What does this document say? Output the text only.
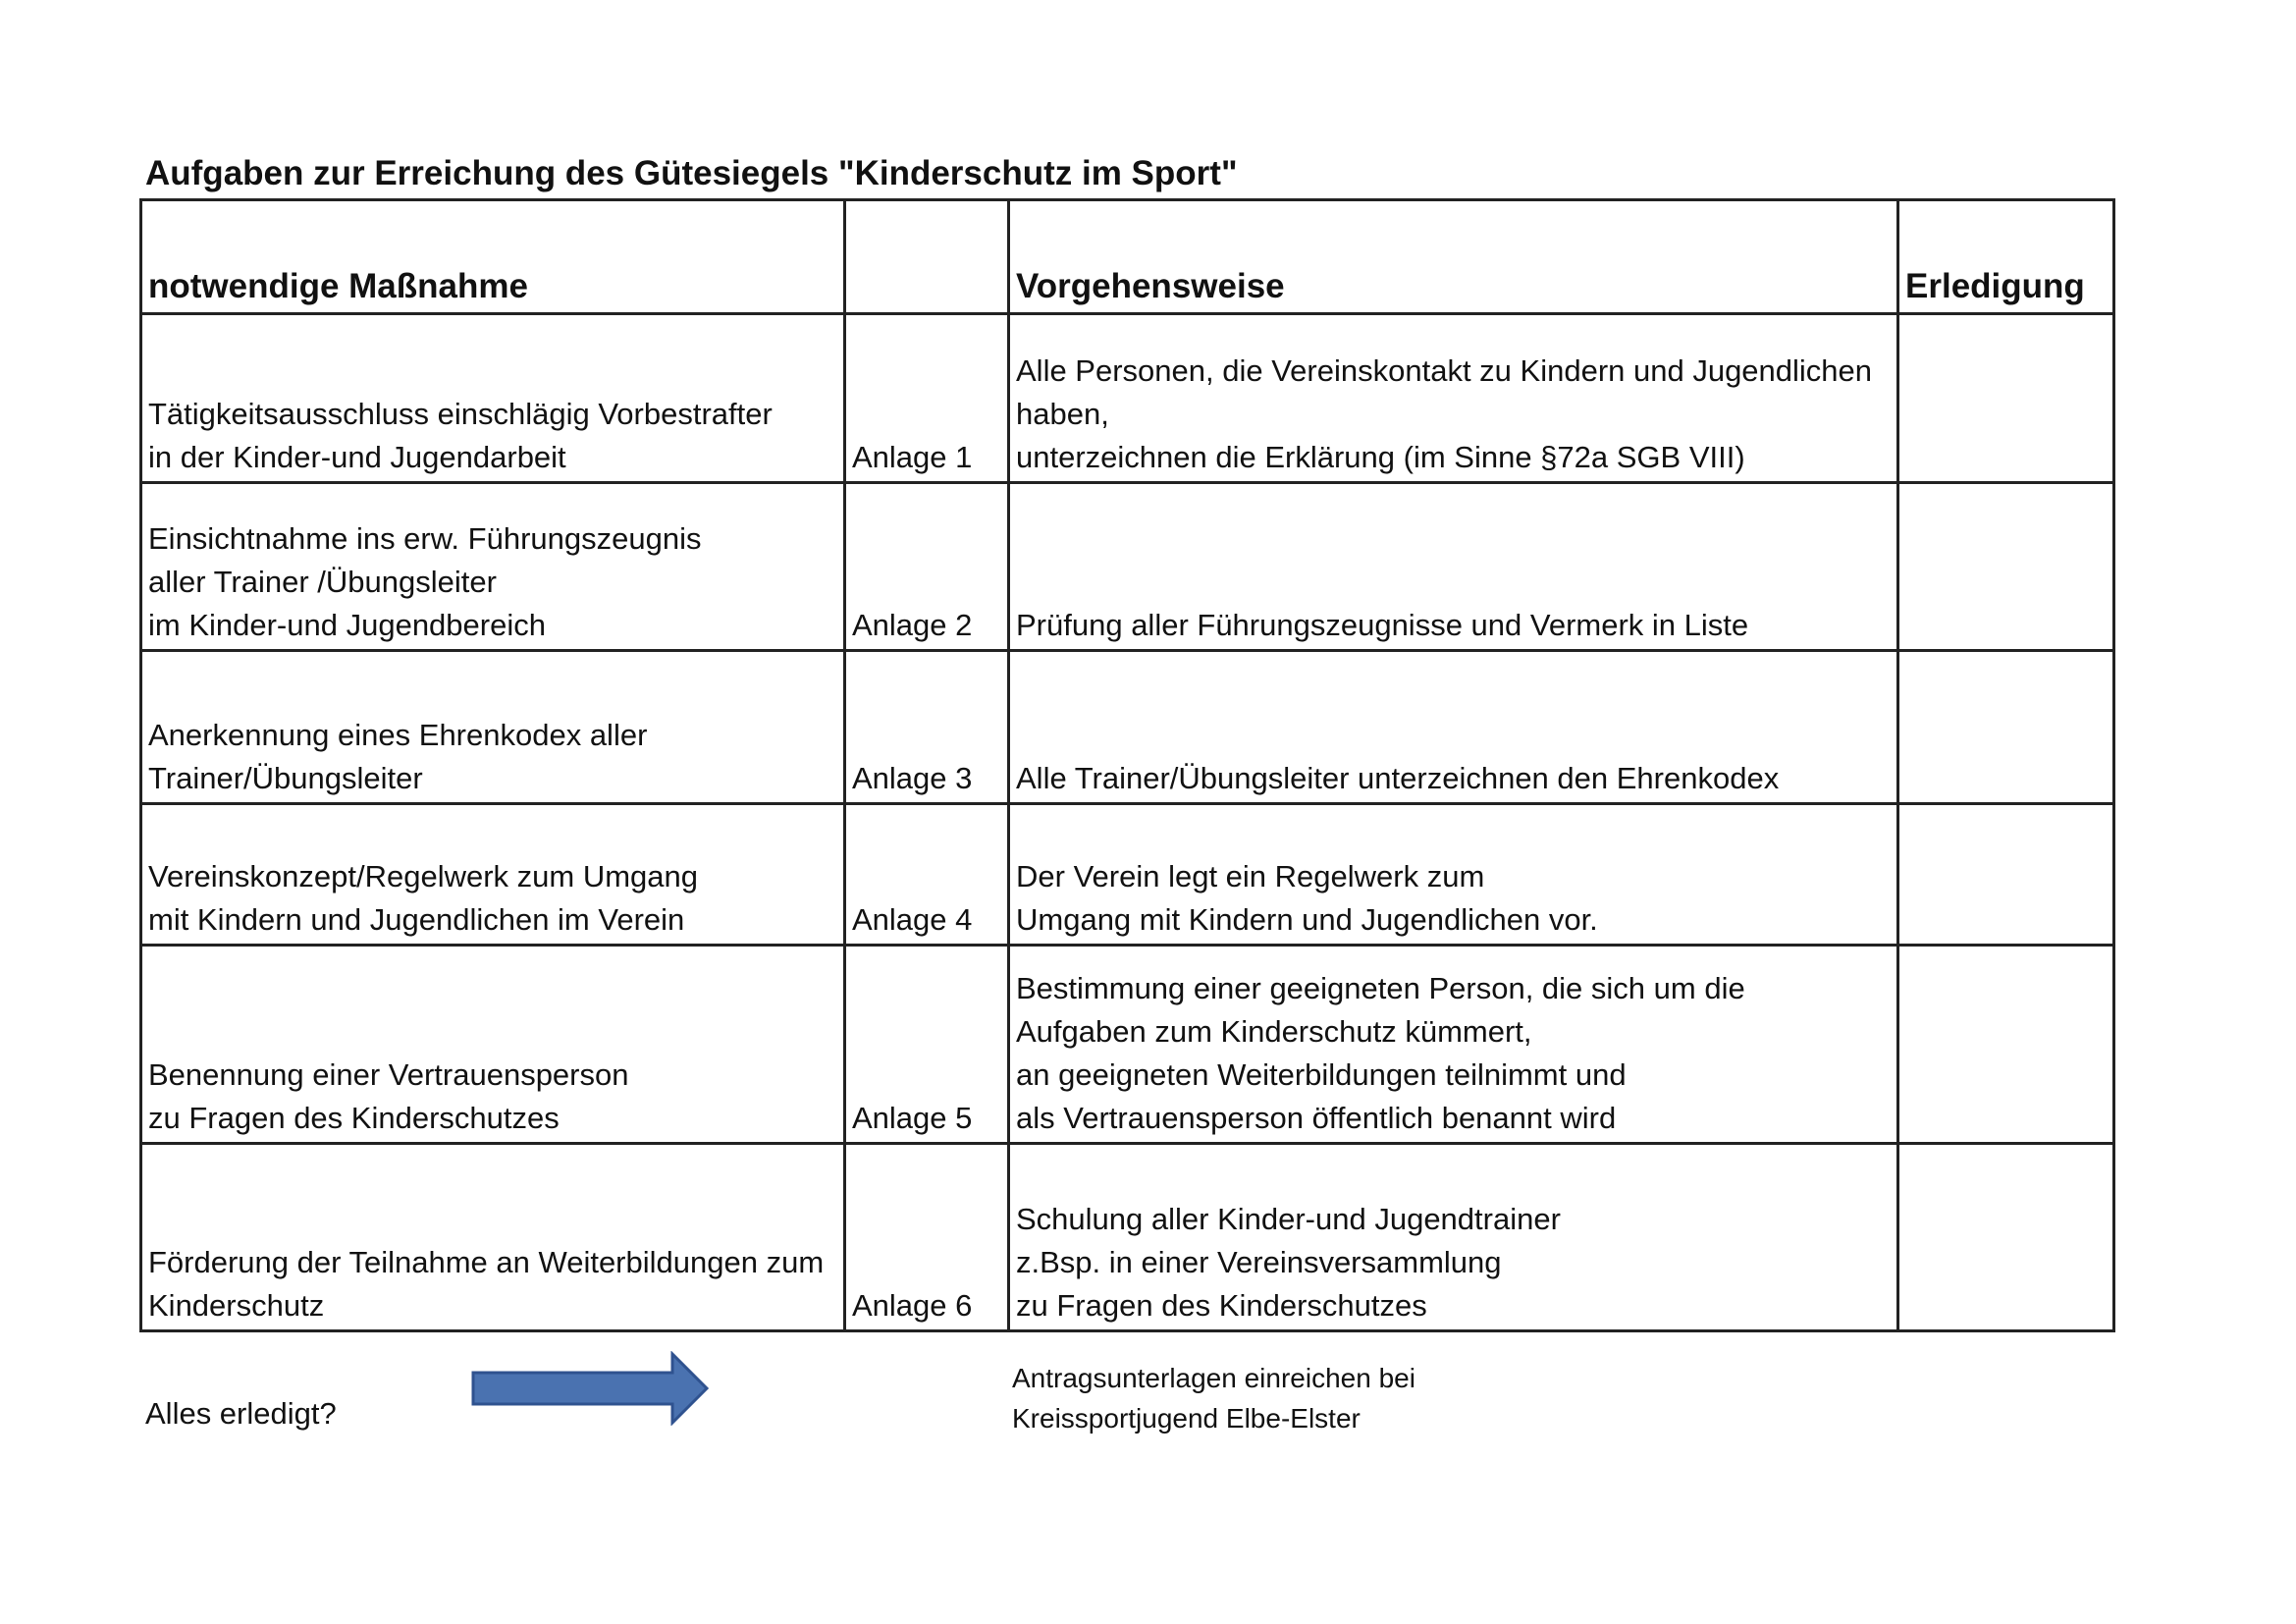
Aufgaben zur Erreichung des Gütesiegels "Kinderschutz im Sport"
notwendige Maßnahme		Vorgehensweise	Erledigung

Tätigkeitsausschluss einschlägig Vorbestrafter
in der Kinder-und Jugendarbeit	Anlage 1	Alle Personen, die Vereinskontakt zu Kindern und Jugendlichen
haben,
unterzeichnen die Erklärung (im Sinne §72a SGB VIII)	

Einsichtnahme ins erw. Führungszeugnis
aller Trainer /Übungsleiter
im Kinder-und Jugendbereich	Anlage 2	Prüfung aller Führungszeugnisse und Vermerk in Liste	

Anerkennung eines Ehrenkodex aller
Trainer/Übungsleiter	Anlage 3	Alle Trainer/Übungsleiter unterzeichnen den Ehrenkodex	

Vereinskonzept/Regelwerk zum Umgang
mit Kindern und Jugendlichen im Verein	Anlage 4	Der Verein legt ein Regelwerk zum
Umgang mit Kindern und Jugendlichen vor.	

Benennung einer Vertrauensperson
zu Fragen des Kinderschutzes	Anlage 5	Bestimmung einer geeigneten Person, die sich um die
Aufgaben zum Kinderschutz kümmert,
an geeigneten Weiterbildungen teilnimmt und
als Vertrauensperson öffentlich benannt wird	

Förderung der Teilnahme an Weiterbildungen zum
Kinderschutz	Anlage 6	Schulung aller Kinder-und Jugendtrainer
z.Bsp. in einer Vereinsversammlung
zu Fragen des Kinderschutzes	

Alles erledigt?
Antragsunterlagen einreichen bei
Kreissportjugend Elbe-Elster
